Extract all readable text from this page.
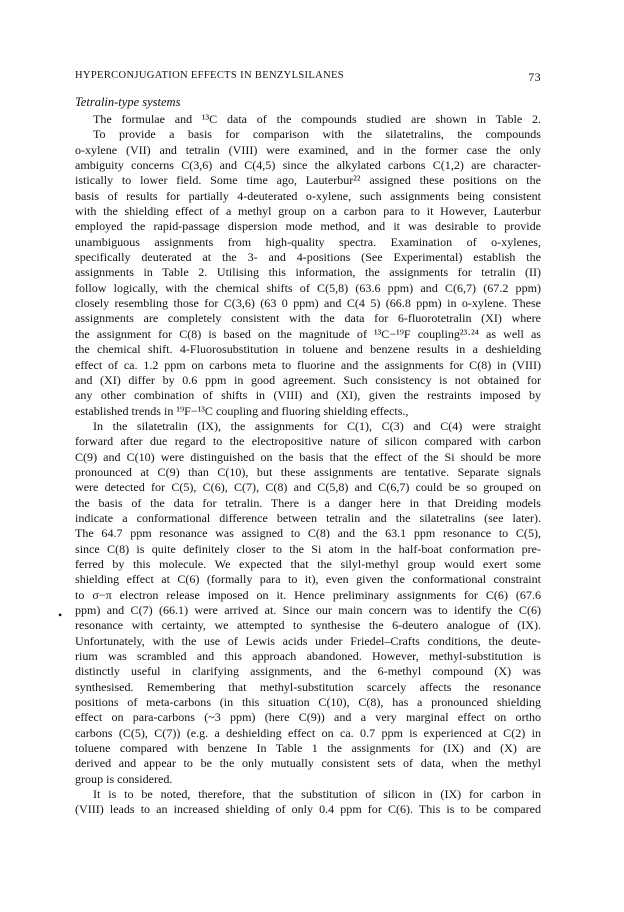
HYPERCONJUGATION EFFECTS IN BENZYLSILANES	73
Tetralin-type systems
•
The formulae and ¹³C data of the compounds studied are shown in Table 2.
To provide a basis for comparison with the silatetralins, the compounds
o-xylene (VII) and tetralin (VIII) were examined, and in the former case the only
ambiguity concerns C(3,6) and C(4,5) since the alkylated carbons C(1,2) are character-
istically to lower field. Some time ago, Lauterbur²² assigned these positions on the
basis of results for partially 4-deuterated o-xylene, such assignments being consistent
with the shielding effect of a methyl group on a carbon para to it However, Lauterbur
employed the rapid-passage dispersion mode method, and it was desirable to provide
unambiguous assignments from high-quality spectra. Examination of o-xylenes,
specifically deuterated at the 3- and 4-positions (See Experimental) establish the
assignments in Table 2. Utilising this information, the assignments for tetralin (II)
follow logically, with the chemical shifts of C(5,8) (63.6 ppm) and C(6,7) (67.2 ppm)
closely resembling those for C(3,6) (63 0 ppm) and C(4 5) (66.8 ppm) in o-xylene. These
assignments are completely consistent with the data for 6-fluorotetralin (XI) where
the assignment for C(8) is based on the magnitude of ¹³C−¹⁹F coupling²³·²⁴ as well as
the chemical shift. 4-Fluorosubstitution in toluene and benzene results in a deshielding
effect of ca. 1.2 ppm on carbons meta to fluorine and the assignments for C(8) in (VIII)
and (XI) differ by 0.6 ppm in good agreement. Such consistency is not obtained for
any other combination of shifts in (VIII) and (XI), given the restraints imposed by
established trends in ¹⁹F−¹³C coupling and fluoring shielding effects.,
In the silatetralin (IX), the assignments for C(1), C(3) and C(4) were straight
forward after due regard to the electropositive nature of silicon compared with carbon
C(9) and C(10) were distinguished on the basis that the effect of the Si should be more
pronounced at C(9) than C(10), but these assignments are tentative. Separate signals
were detected for C(5), C(6), C(7), C(8) and C(5,8) and C(6,7) could be so grouped on
the basis of the data for tetralin. There is a danger here in that Dreiding models
indicate a conformational difference between tetralin and the silatetralins (see later).
The 64.7 ppm resonance was assigned to C(8) and the 63.1 ppm resonance to C(5),
since C(8) is quite definitely closer to the Si atom in the half-boat conformation pre-
ferred by this molecule. We expected that the silyl-methyl group would exert some
shielding effect at C(6) (formally para to it), even given the conformational constraint
to σ−π electron release imposed on it. Hence preliminary assignments for C(6) (67.6
ppm) and C(7) (66.1) were arrived at. Since our main concern was to identify the C(6)
resonance with certainty, we attempted to synthesise the 6-deutero analogue of (IX).
Unfortunately, with the use of Lewis acids under Friedel–Crafts conditions, the deute-
rium was scrambled and this approach abandoned. However, methyl-substitution is
distinctly useful in clarifying assignments, and the 6-methyl compound (X) was
synthesised. Remembering that methyl-substitution scarcely affects the resonance
positions of meta-carbons (in this situation C(10), C(8), has a pronounced shielding
effect on para-carbons (~3 ppm) (here C(9)) and a very marginal effect on ortho
carbons (C(5), C(7)) (e.g. a deshielding effect on ca. 0.7 ppm is experienced at C(2) in
toluene compared with benzene In Table 1 the assignments for (IX) and (X) are
derived and appear to be the only mutually consistent sets of data, when the methyl
group is considered.
It is to be noted, therefore, that the substitution of silicon in (IX) for carbon in
(VIII) leads to an increased shielding of only 0.4 ppm for C(6). This is to be compared
